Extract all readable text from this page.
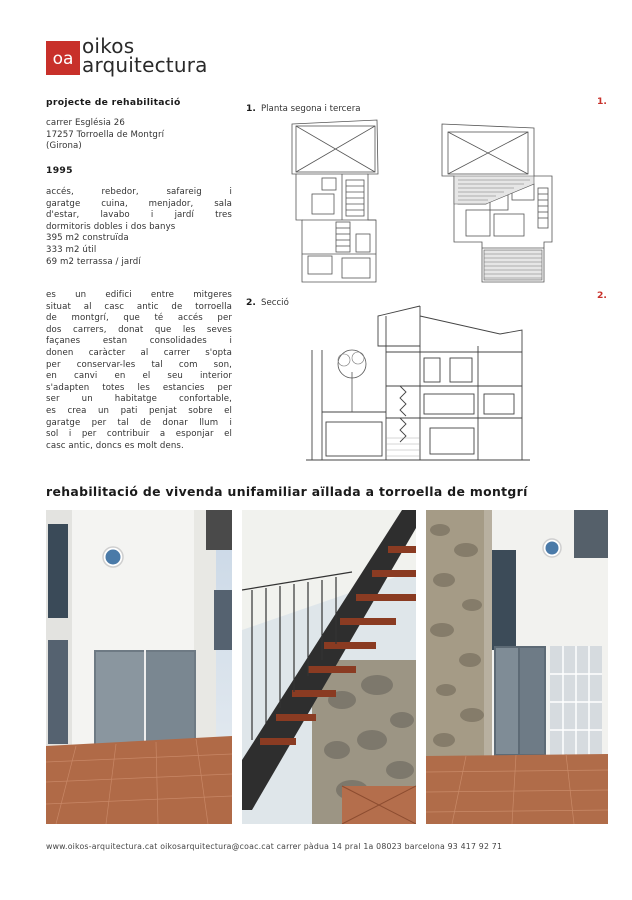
oa
oikos
arquitectura
projecte de rehabilitació
carrer Església 26
17257 Torroella de Montgrí
(Girona)
1995
accés, rebedor, safareig i
garatge cuina, menjador, sala
d'estar, lavabo i jardí tres
dormitoris dobles i dos banys
395 m2 construïda
333 m2 útil
69 m2 terrassa / jardí
es un edifici entre mitgeres
situat al casc antic de torroella
de montgrí, que té accés per
dos carrers, donat que les seves
façanes estan consolidades i
donen caràcter al carrer s'opta
per conservar-les tal com son,
en canvi en el seu interior
s'adapten totes les estancies per
ser un habitatge confortable,
es crea un pati penjat sobre el
garatge per tal de donar llum i
sol i per contribuir a esponjar el
casc antic, doncs es molt dens.
1. Planta segona i tercera
1.
2. Secció
2.
rehabilitació de vivenda unifamiliar aïllada a torroella de montgrí
www.oikos-arquitectura.cat oikosarquitectura@coac.cat carrer pàdua 14 pral 1a 08023 barcelona 93 417 92 71
